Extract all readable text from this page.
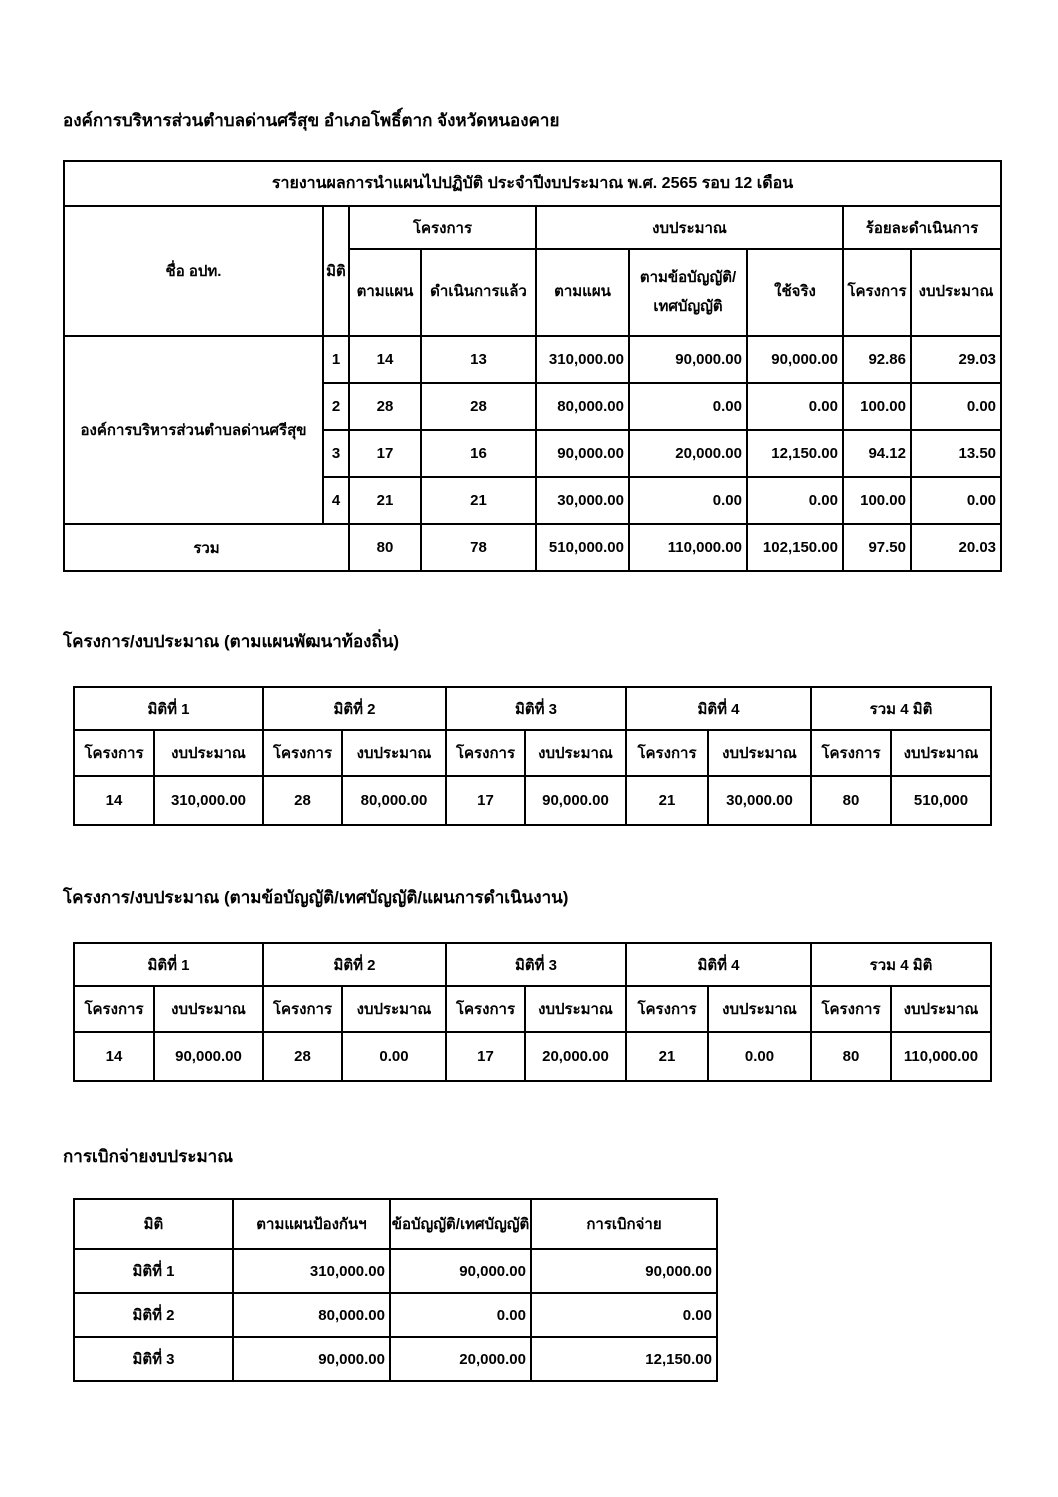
องค์การบริหารส่วนตำบลด่านศรีสุข อำเภอโพธิ์ตาก จังหวัดหนองคาย
รายงานผลการนำแผนไปปฏิบัติ ประจำปีงบประมาณ พ.ศ. 2565 รอบ 12 เดือน								
ชื่อ อปท.	มิติ	โครงการ		งบประมาณ			ร้อยละดำเนินการ	
		ตามแผน	ดำเนินการแล้ว	ตามแผน	ตามข้อบัญญัติ/เทศบัญญัติ	ใช้จริง	โครงการ	งบประมาณ
องค์การบริหารส่วนตำบลด่านศรีสุข	1	14	13	310,000.00	90,000.00	90,000.00	92.86	29.03
	2	28	28	80,000.00	0.00	0.00	100.00	0.00
	3	17	16	90,000.00	20,000.00	12,150.00	94.12	13.50
	4	21	21	30,000.00	0.00	0.00	100.00	0.00
รวม		80	78	510,000.00	110,000.00	102,150.00	97.50	20.03
โครงการ/งบประมาณ (ตามแผนพัฒนาท้องถิ่น)
มิติที่ 1		มิติที่ 2		มิติที่ 3		มิติที่ 4		รวม 4 มิติ	
โครงการ	งบประมาณ	โครงการ	งบประมาณ	โครงการ	งบประมาณ	โครงการ	งบประมาณ	โครงการ	งบประมาณ
14	310,000.00	28	80,000.00	17	90,000.00	21	30,000.00	80	510,000
โครงการ/งบประมาณ (ตามข้อบัญญัติ/เทศบัญญัติ/แผนการดำเนินงาน)
มิติที่ 1		มิติที่ 2		มิติที่ 3		มิติที่ 4		รวม 4 มิติ	
โครงการ	งบประมาณ	โครงการ	งบประมาณ	โครงการ	งบประมาณ	โครงการ	งบประมาณ	โครงการ	งบประมาณ
14	90,000.00	28	0.00	17	20,000.00	21	0.00	80	110,000.00
การเบิกจ่ายงบประมาณ
มิติ	ตามแผนป้องกันฯ	ข้อบัญญัติ/เทศบัญญัติ	การเบิกจ่าย
มิติที่ 1	310,000.00	90,000.00	90,000.00
มิติที่ 2	80,000.00	0.00	0.00
มิติที่ 3	90,000.00	20,000.00	12,150.00
